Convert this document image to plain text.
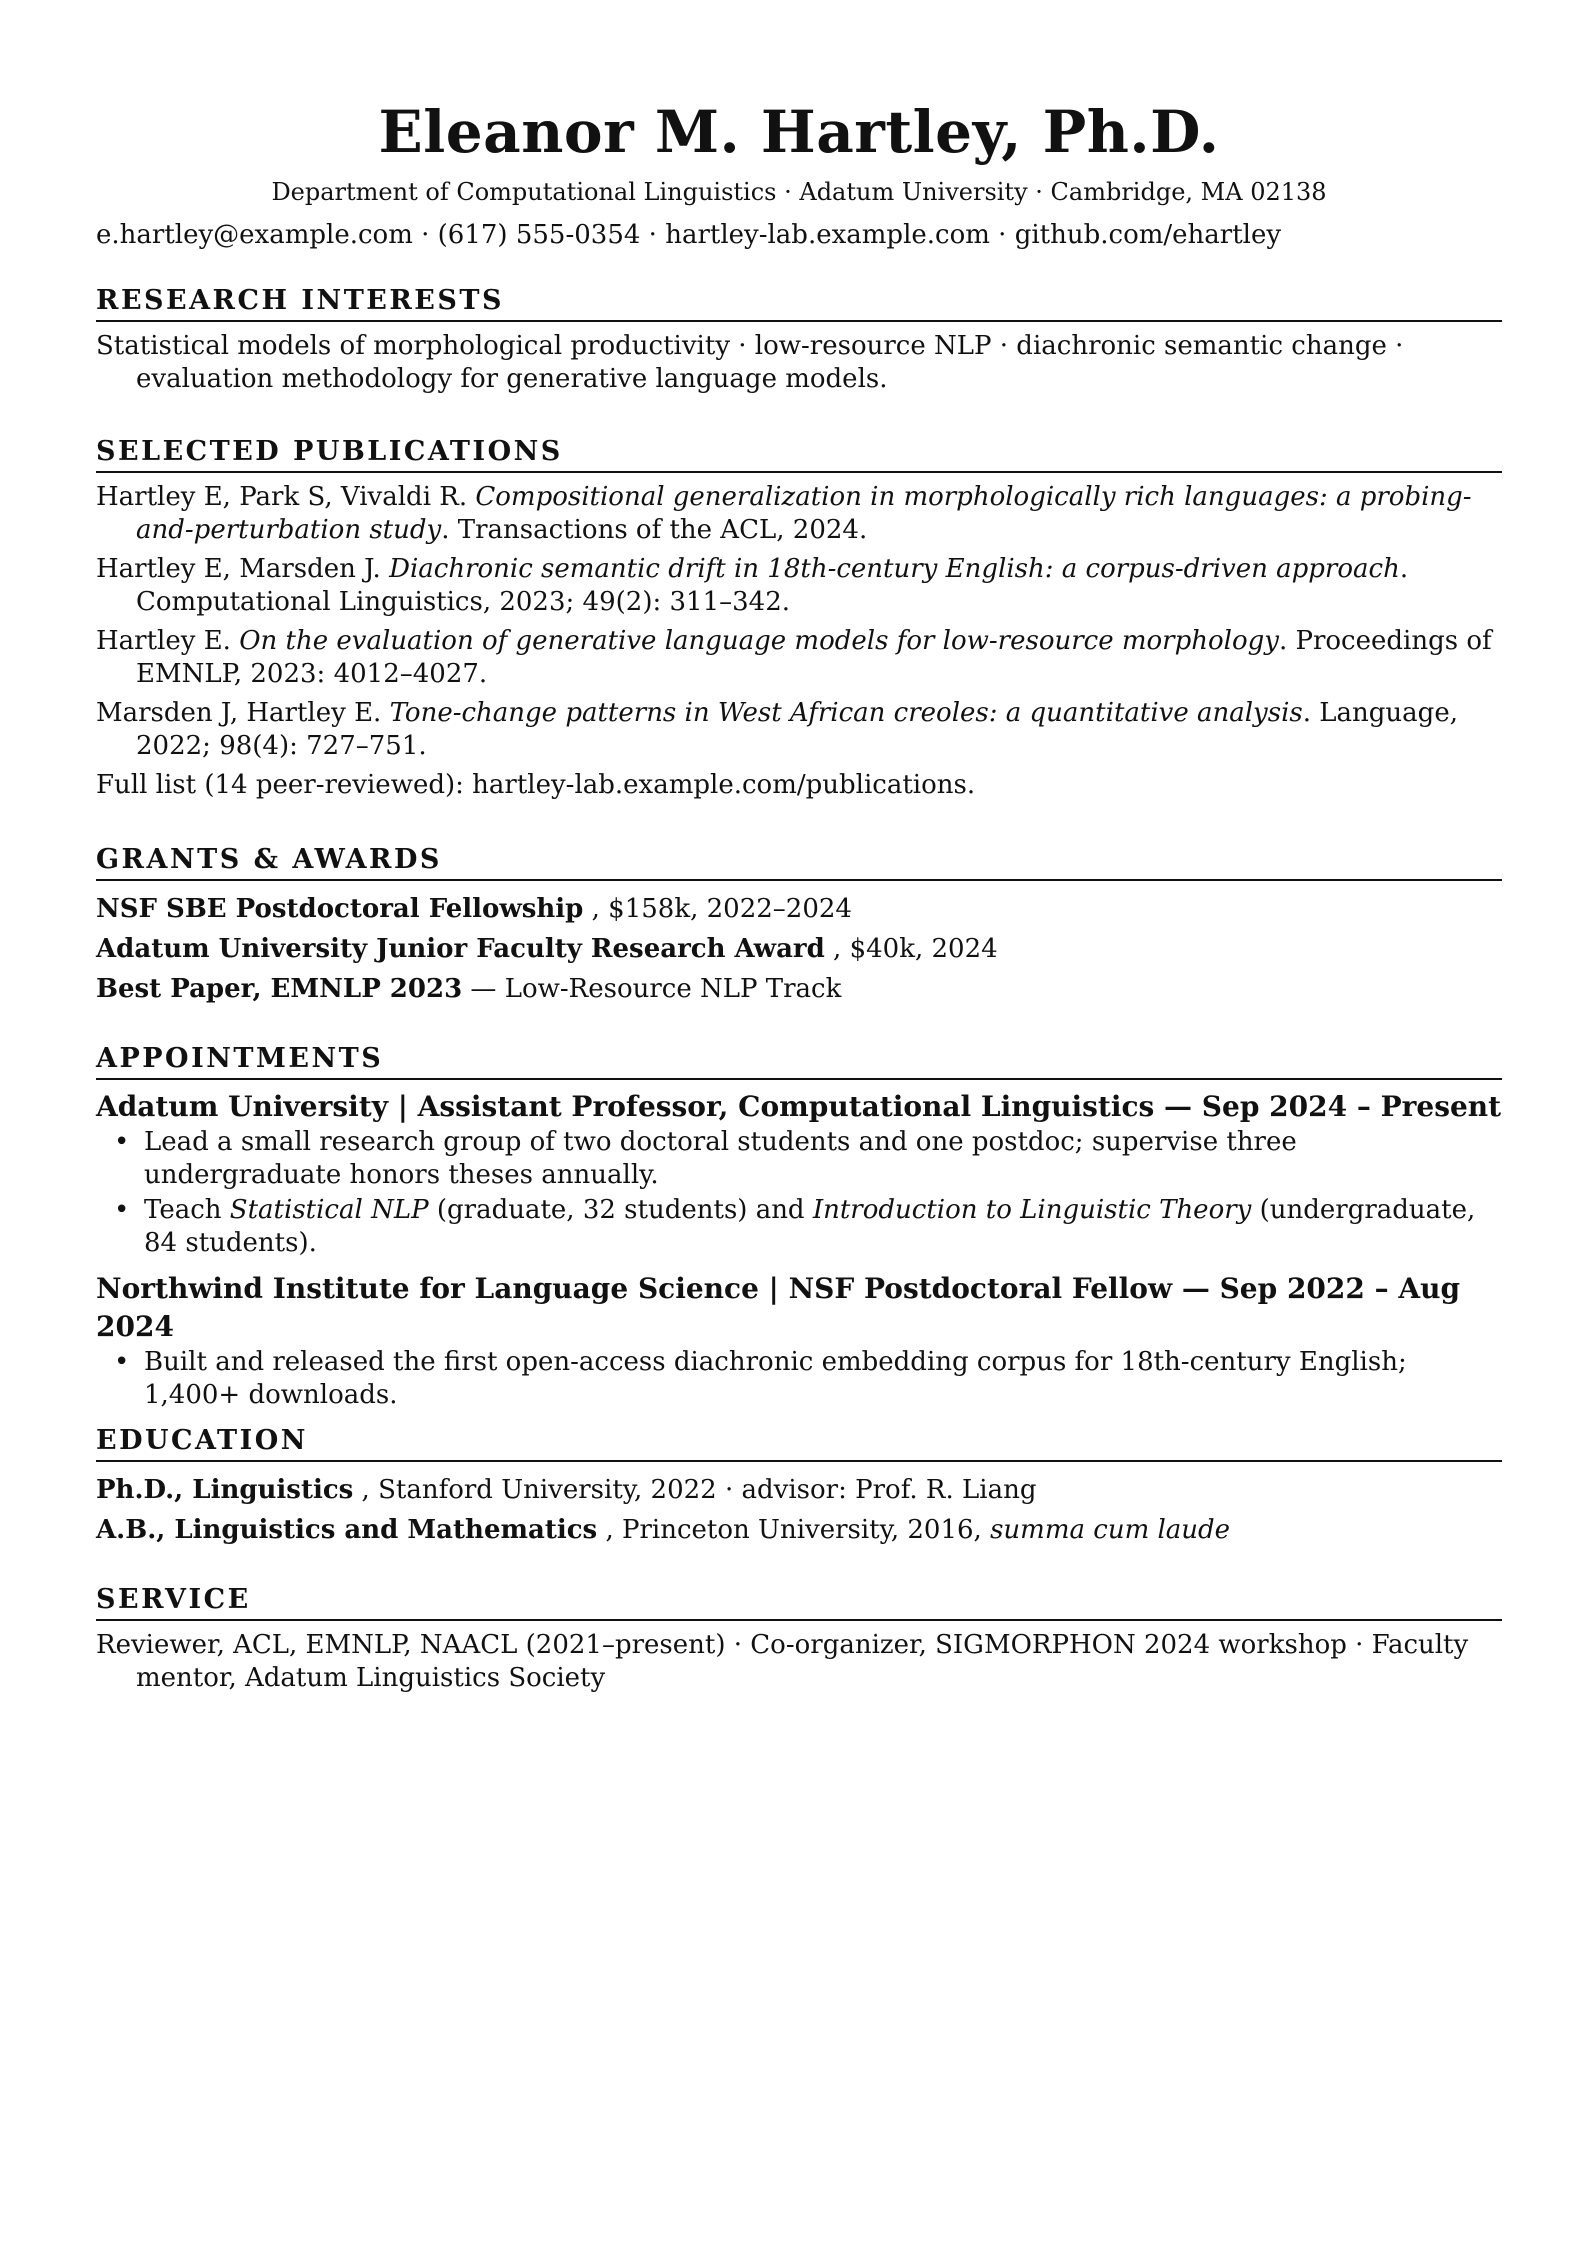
Eleanor M. Hartley, Ph.D.
Department of Computational Linguistics · Adatum University · Cambridge, MA 02138
e.hartley@example.com · (617) 555-0354 · hartley-lab.example.com · github.com/ehartley
RESEARCH INTERESTS
Statistical models of morphological productivity · low-resource NLP · diachronic semantic change · evaluation methodology for generative language models.
SELECTED PUBLICATIONS
Hartley E, Park S, Vivaldi R. Compositional generalization in morphologically rich languages: a probing-and-perturbation study. Transactions of the ACL, 2024.
Hartley E, Marsden J. Diachronic semantic drift in 18th-century English: a corpus-driven approach. Computational Linguistics, 2023; 49(2): 311–342.
Hartley E. On the evaluation of generative language models for low-resource morphology. Proceedings of EMNLP, 2023: 4012–4027.
Marsden J, Hartley E. Tone-change patterns in West African creoles: a quantitative analysis. Language, 2022; 98(4): 727–751.
Full list (14 peer-reviewed): hartley-lab.example.com/publications.
GRANTS & AWARDS
NSF SBE Postdoctoral Fellowship , $158k, 2022–2024
Adatum University Junior Faculty Research Award , $40k, 2024
Best Paper, EMNLP 2023 — Low-Resource NLP Track
APPOINTMENTS
Adatum University | Assistant Professor, Computational Linguistics — Sep 2024 – Present
• Lead a small research group of two doctoral students and one postdoc; supervise three undergraduate honors theses annually.
• Teach Statistical NLP (graduate, 32 students) and Introduction to Linguistic Theory (undergraduate, 84 students).
Northwind Institute for Language Science | NSF Postdoctoral Fellow — Sep 2022 – Aug 2024
• Built and released the first open-access diachronic embedding corpus for 18th-century English; 1,400+ downloads.
EDUCATION
Ph.D., Linguistics , Stanford University, 2022 · advisor: Prof. R. Liang
A.B., Linguistics and Mathematics , Princeton University, 2016, summa cum laude
SERVICE
Reviewer, ACL, EMNLP, NAACL (2021–present) · Co-organizer, SIGMORPHON 2024 workshop · Faculty mentor, Adatum Linguistics Society
